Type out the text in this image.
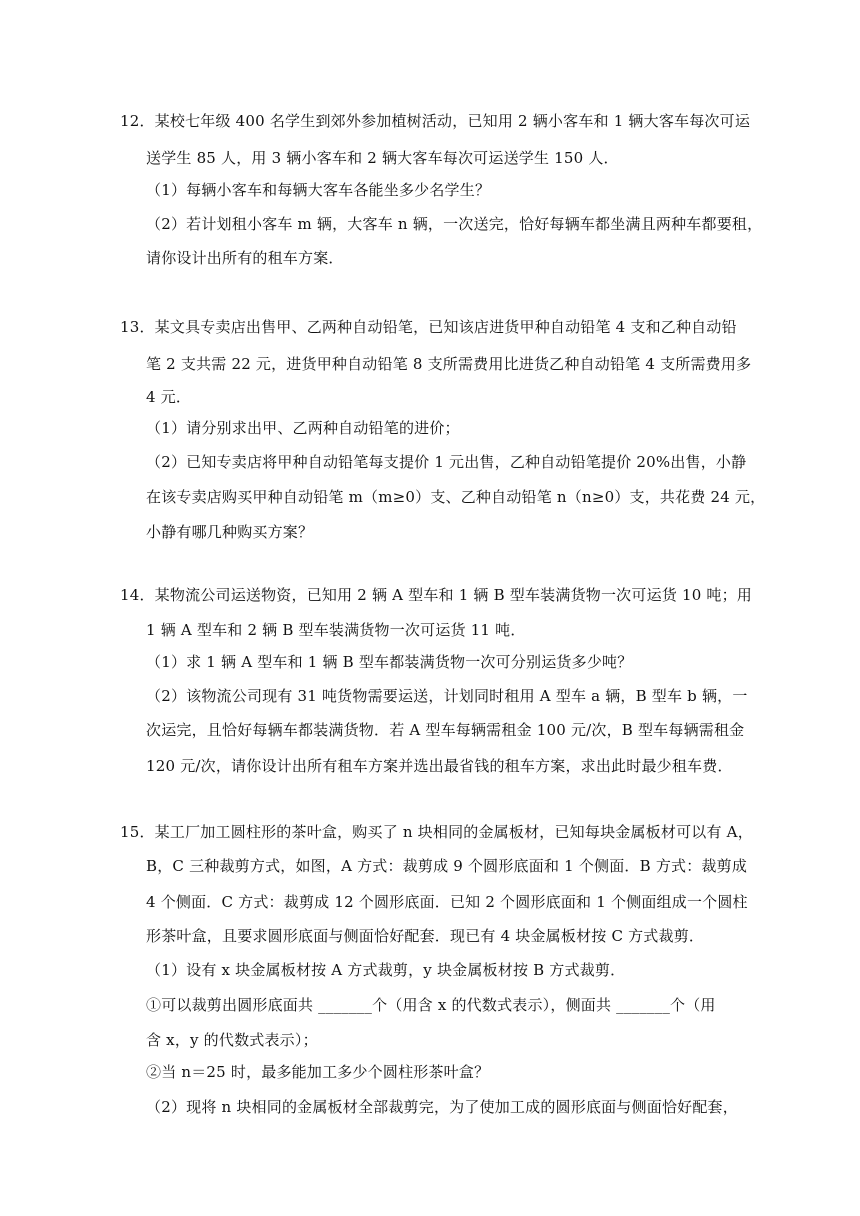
12．某校七年级 400 名学生到郊外参加植树活动，已知用 2 辆小客车和 1 辆大客车每次可运
送学生 85 人，用 3 辆小客车和 2 辆大客车每次可运送学生 150 人．
（1）每辆小客车和每辆大客车各能坐多少名学生？
（2）若计划租小客车 m 辆，大客车 n 辆，一次送完，恰好每辆车都坐满且两种车都要租，
请你设计出所有的租车方案．
13．某文具专卖店出售甲、乙两种自动铅笔，已知该店进货甲种自动铅笔 4 支和乙种自动铅
笔 2 支共需 22 元，进货甲种自动铅笔 8 支所需费用比进货乙种自动铅笔 4 支所需费用多
4 元．
（1）请分别求出甲、乙两种自动铅笔的进价；
（2）已知专卖店将甲种自动铅笔每支提价 1 元出售，乙种自动铅笔提价 20%出售，小静
在该专卖店购买甲种自动铅笔 m（m≥0）支、乙种自动铅笔 n（n≥0）支，共花费 24 元，
小静有哪几种购买方案？
14．某物流公司运送物资，已知用 2 辆 A 型车和 1 辆 B 型车装满货物一次可运货 10 吨；用
1 辆 A 型车和 2 辆 B 型车装满货物一次可运货 11 吨．
（1）求 1 辆 A 型车和 1 辆 B 型车都装满货物一次可分别运货多少吨？
（2）该物流公司现有 31 吨货物需要运送，计划同时租用 A 型车 a 辆，B 型车 b 辆，一
次运完，且恰好每辆车都装满货物．若 A 型车每辆需租金 100 元/次，B 型车每辆需租金
120 元/次，请你设计出所有租车方案并选出最省钱的租车方案，求出此时最少租车费．
15．某工厂加工圆柱形的茶叶盒，购买了 n 块相同的金属板材，已知每块金属板材可以有 A，
B，C 三种裁剪方式，如图，A 方式：裁剪成 9 个圆形底面和 1 个侧面．B 方式：裁剪成
4 个侧面．C 方式：裁剪成 12 个圆形底面．已知 2 个圆形底面和 1 个侧面组成一个圆柱
形茶叶盒，且要求圆形底面与侧面恰好配套．现已有 4 块金属板材按 C 方式裁剪．
（1）设有 x 块金属板材按 A 方式裁剪，y 块金属板材按 B 方式裁剪．
①可以裁剪出圆形底面共 _______个（用含 x 的代数式表示），侧面共 _______个（用
含 x，y 的代数式表示）；
②当 n＝25 时，最多能加工多少个圆柱形茶叶盒？
（2）现将 n 块相同的金属板材全部裁剪完，为了使加工成的圆形底面与侧面恰好配套，
